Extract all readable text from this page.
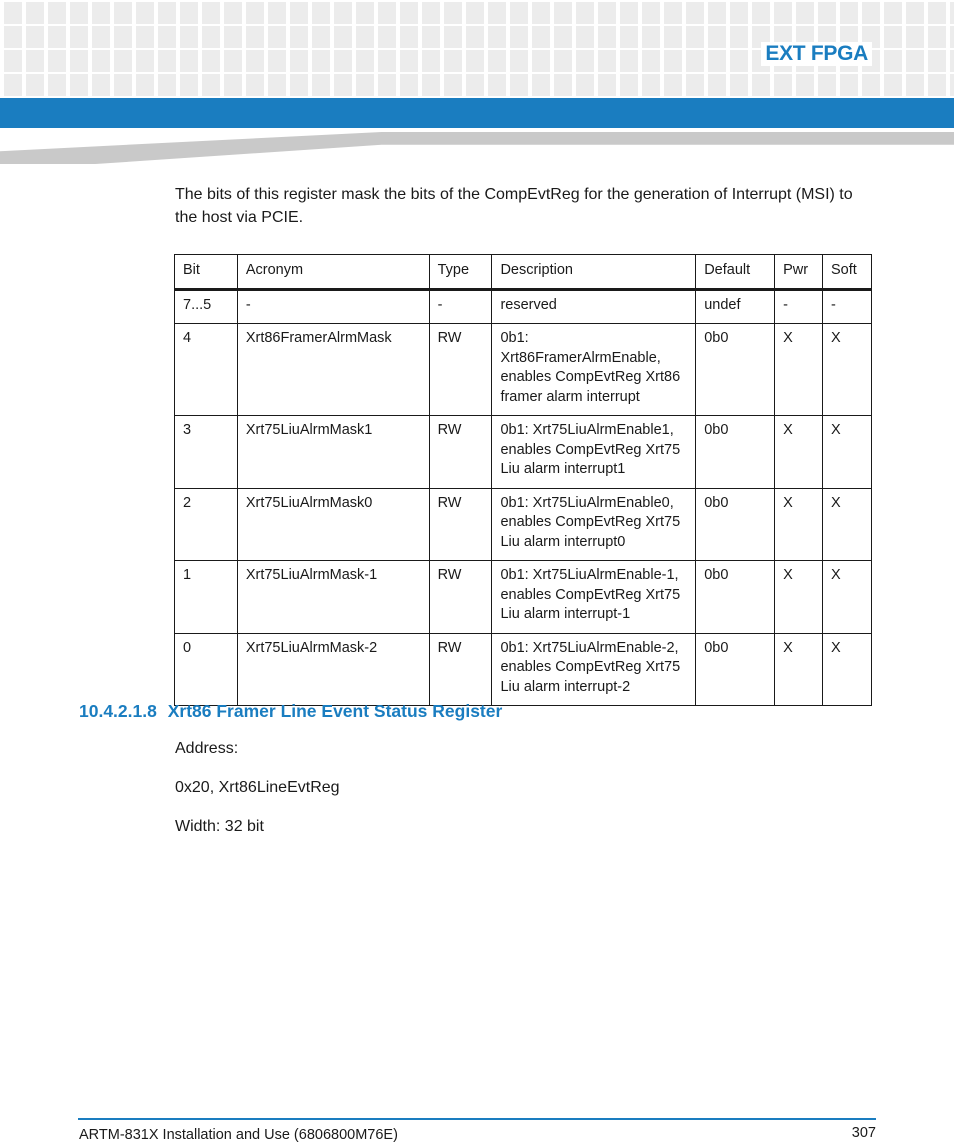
EXT FPGA
The bits of this register mask the bits of the CompEvtReg for the generation of Interrupt (MSI) to the host via PCIE.
Bit	Acronym	Type	Description	Default	Pwr	Soft
7...5	-	-	reserved	undef	-	-
4	Xrt86FramerAlrmMask	RW	0b1: Xrt86FramerAlrmEnable, enables CompEvtReg Xrt86 framer alarm interrupt	0b0	X	X
3	Xrt75LiuAlrmMask1	RW	0b1: Xrt75LiuAlrmEnable1, enables CompEvtReg Xrt75 Liu alarm interrupt1	0b0	X	X
2	Xrt75LiuAlrmMask0	RW	0b1: Xrt75LiuAlrmEnable0, enables CompEvtReg Xrt75 Liu alarm interrupt0	0b0	X	X
1	Xrt75LiuAlrmMask-1	RW	0b1: Xrt75LiuAlrmEnable-1, enables CompEvtReg Xrt75 Liu alarm interrupt-1	0b0	X	X
0	Xrt75LiuAlrmMask-2	RW	0b1: Xrt75LiuAlrmEnable-2, enables CompEvtReg Xrt75 Liu alarm interrupt-2	0b0	X	X
10.4.2.1.8 Xrt86 Framer Line Event Status Register
Address:
0x20, Xrt86LineEvtReg
Width: 32 bit
ARTM-831X Installation and Use (6806800M76E)	307
